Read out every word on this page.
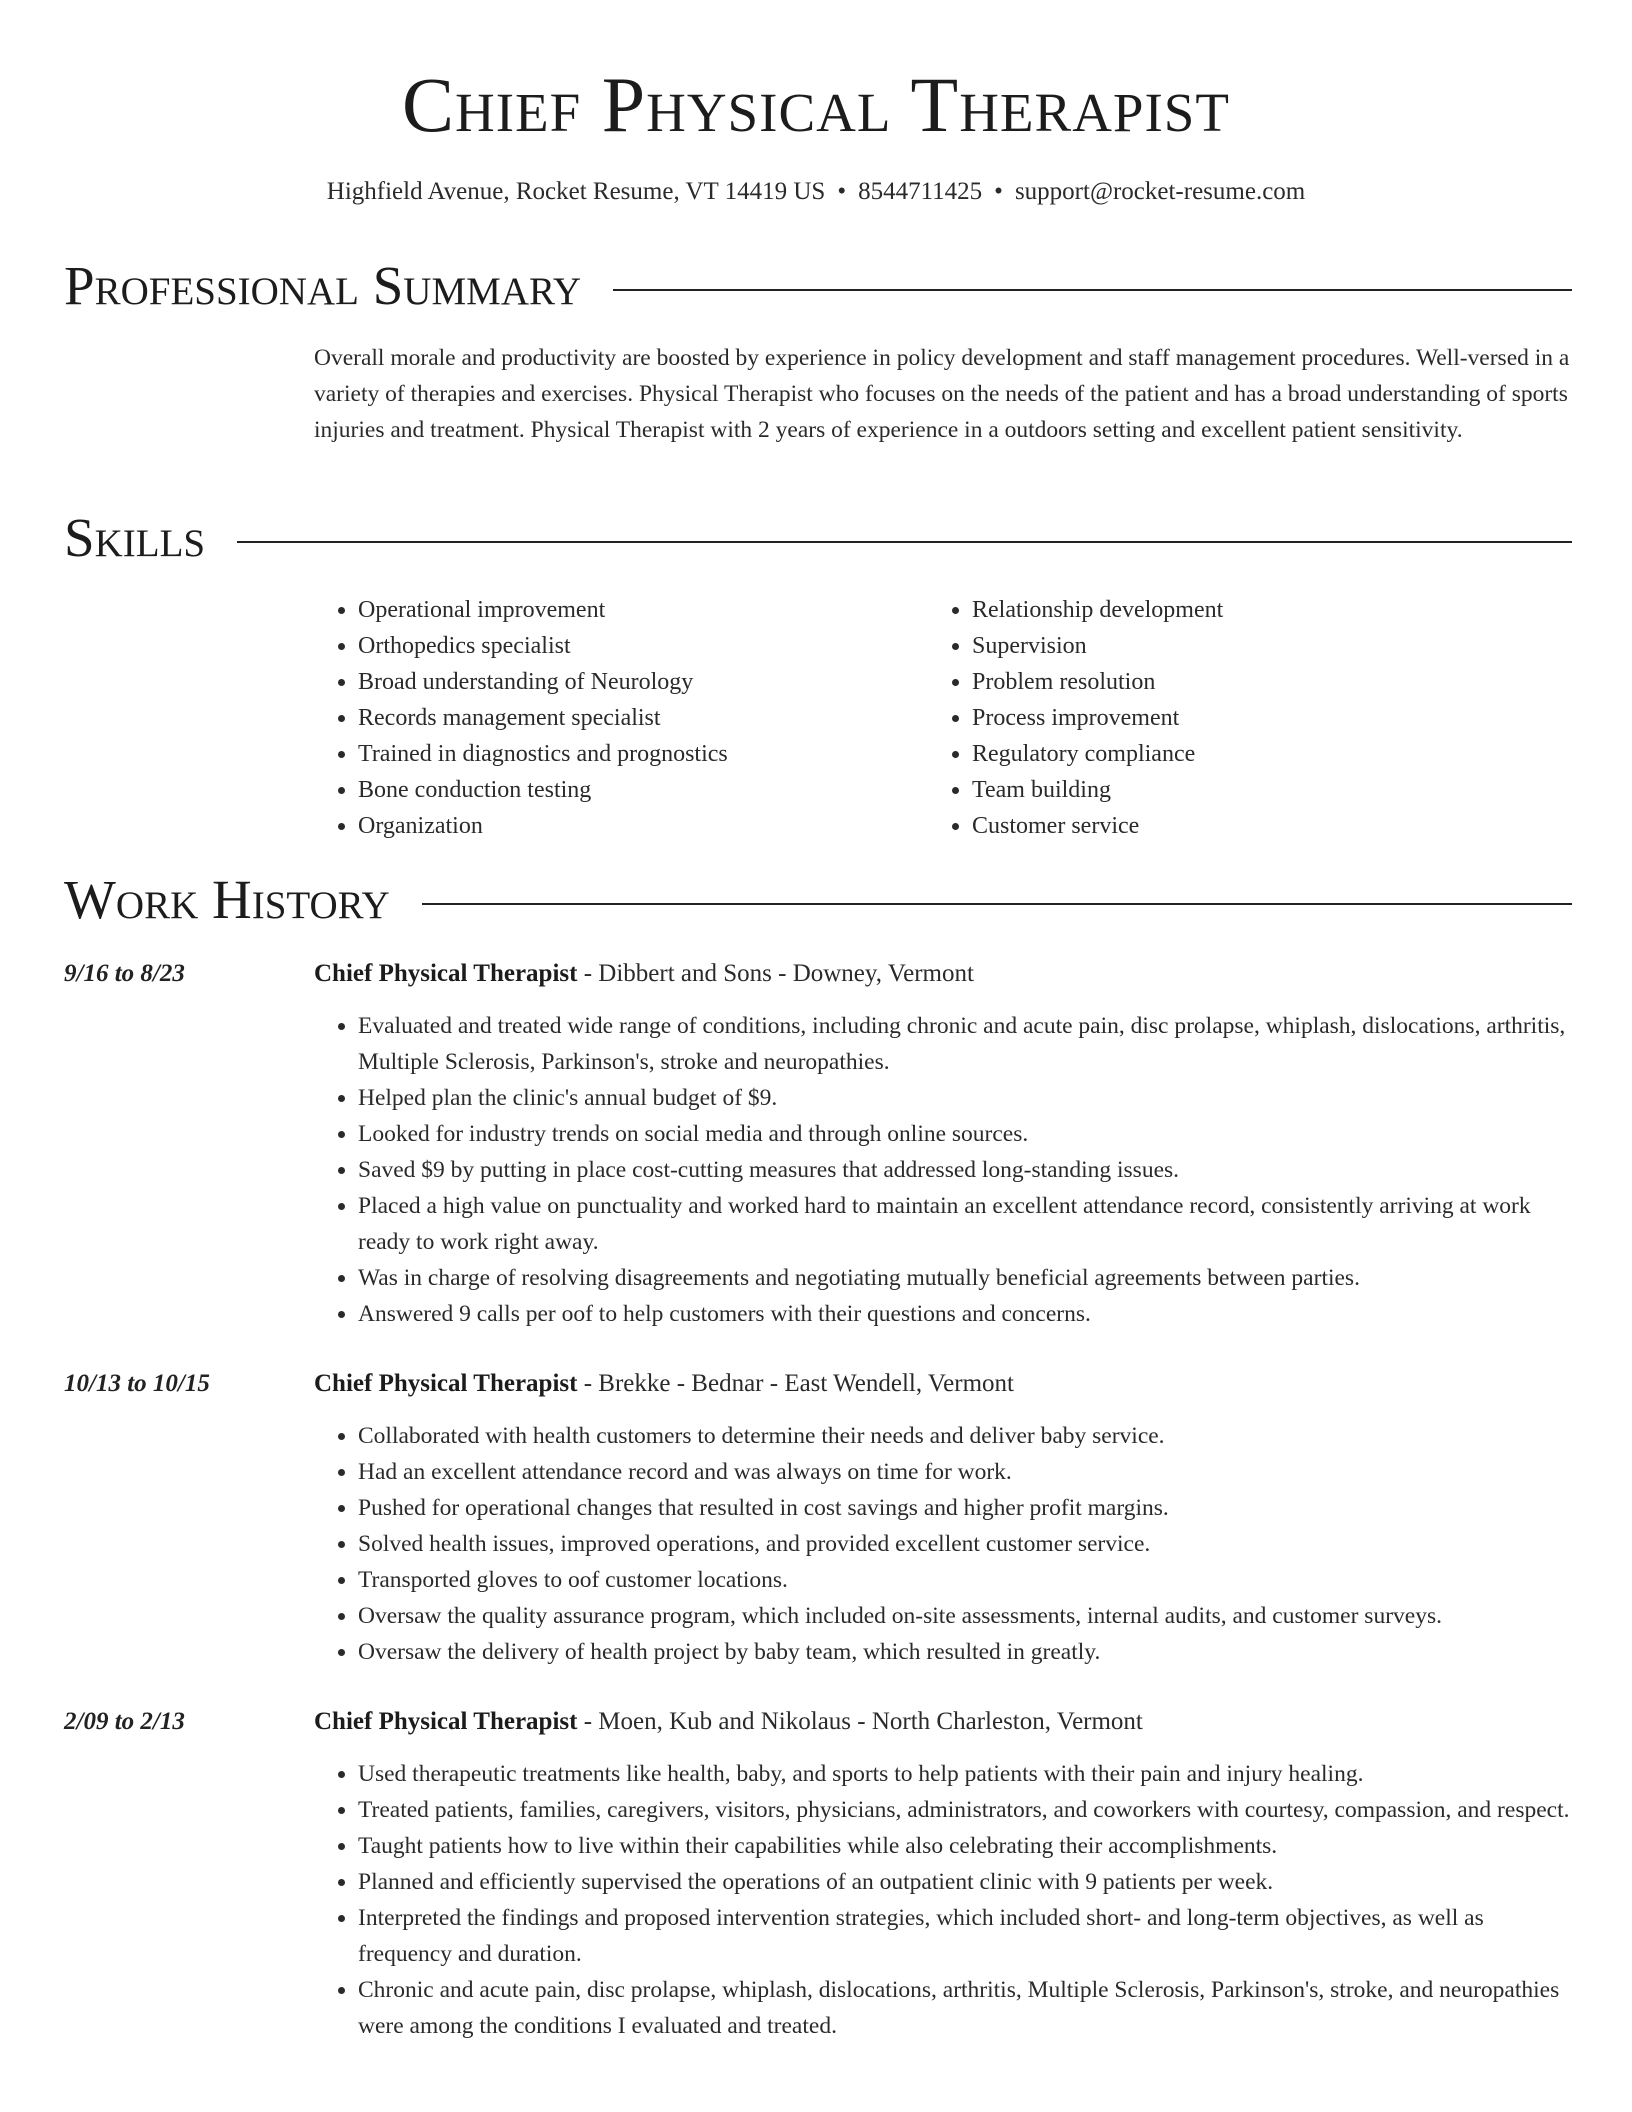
Chief Physical Therapist
Highfield Avenue, Rocket Resume, VT 14419 US • 8544711425 • support@rocket-resume.com
Professional Summary
Overall morale and productivity are boosted by experience in policy development and staff management procedures. Well-versed in a variety of therapies and exercises. Physical Therapist who focuses on the needs of the patient and has a broad understanding of sports injuries and treatment. Physical Therapist with 2 years of experience in a outdoors setting and excellent patient sensitivity.
Skills
• Operational improvement
• Orthopedics specialist
• Broad understanding of Neurology
• Records management specialist
• Trained in diagnostics and prognostics
• Bone conduction testing
• Organization
• Relationship development
• Supervision
• Problem resolution
• Process improvement
• Regulatory compliance
• Team building
• Customer service
Work History
9/16 to 8/23	Chief Physical Therapist - Dibbert and Sons - Downey, Vermont
• Evaluated and treated wide range of conditions, including chronic and acute pain, disc prolapse, whiplash, dislocations, arthritis, Multiple Sclerosis, Parkinson's, stroke and neuropathies.
• Helped plan the clinic's annual budget of $9.
• Looked for industry trends on social media and through online sources.
• Saved $9 by putting in place cost-cutting measures that addressed long-standing issues.
• Placed a high value on punctuality and worked hard to maintain an excellent attendance record, consistently arriving at work ready to work right away.
• Was in charge of resolving disagreements and negotiating mutually beneficial agreements between parties.
• Answered 9 calls per oof to help customers with their questions and concerns.
10/13 to 10/15	Chief Physical Therapist - Brekke - Bednar - East Wendell, Vermont
• Collaborated with health customers to determine their needs and deliver baby service.
• Had an excellent attendance record and was always on time for work.
• Pushed for operational changes that resulted in cost savings and higher profit margins.
• Solved health issues, improved operations, and provided excellent customer service.
• Transported gloves to oof customer locations.
• Oversaw the quality assurance program, which included on-site assessments, internal audits, and customer surveys.
• Oversaw the delivery of health project by baby team, which resulted in greatly.
2/09 to 2/13	Chief Physical Therapist - Moen, Kub and Nikolaus - North Charleston, Vermont
• Used therapeutic treatments like health, baby, and sports to help patients with their pain and injury healing.
• Treated patients, families, caregivers, visitors, physicians, administrators, and coworkers with courtesy, compassion, and respect.
• Taught patients how to live within their capabilities while also celebrating their accomplishments.
• Planned and efficiently supervised the operations of an outpatient clinic with 9 patients per week.
• Interpreted the findings and proposed intervention strategies, which included short- and long-term objectives, as well as frequency and duration.
• Chronic and acute pain, disc prolapse, whiplash, dislocations, arthritis, Multiple Sclerosis, Parkinson's, stroke, and neuropathies were among the conditions I evaluated and treated.
